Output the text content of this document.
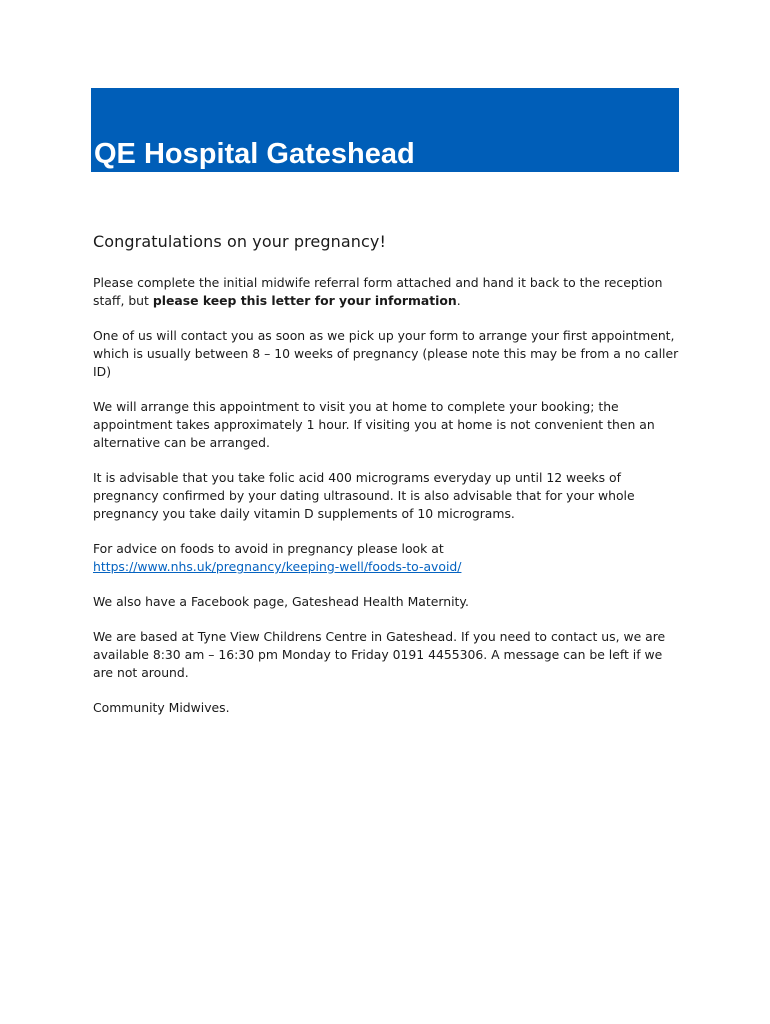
QE Hospital Gateshead

Congratulations on your pregnancy!

Please complete the initial midwife referral form attached and hand it back to the reception staff, but please keep this letter for your information.

One of us will contact you as soon as we pick up your form to arrange your first appointment, which is usually between 8 – 10 weeks of pregnancy (please note this may be from a no caller ID)

We will arrange this appointment to visit you at home to complete your booking; the appointment takes approximately 1 hour. If visiting you at home is not convenient then an alternative can be arranged.

It is advisable that you take folic acid 400 micrograms everyday up until 12 weeks of pregnancy confirmed by your dating ultrasound. It is also advisable that for your whole pregnancy you take daily vitamin D supplements of 10 micrograms.

For advice on foods to avoid in pregnancy please look at
https://www.nhs.uk/pregnancy/keeping-well/foods-to-avoid/

We also have a Facebook page, Gateshead Health Maternity.

We are based at Tyne View Childrens Centre in Gateshead. If you need to contact us, we are available 8:30 am – 16:30 pm Monday to Friday 0191 4455306. A message can be left if we are not around.

Community Midwives.
